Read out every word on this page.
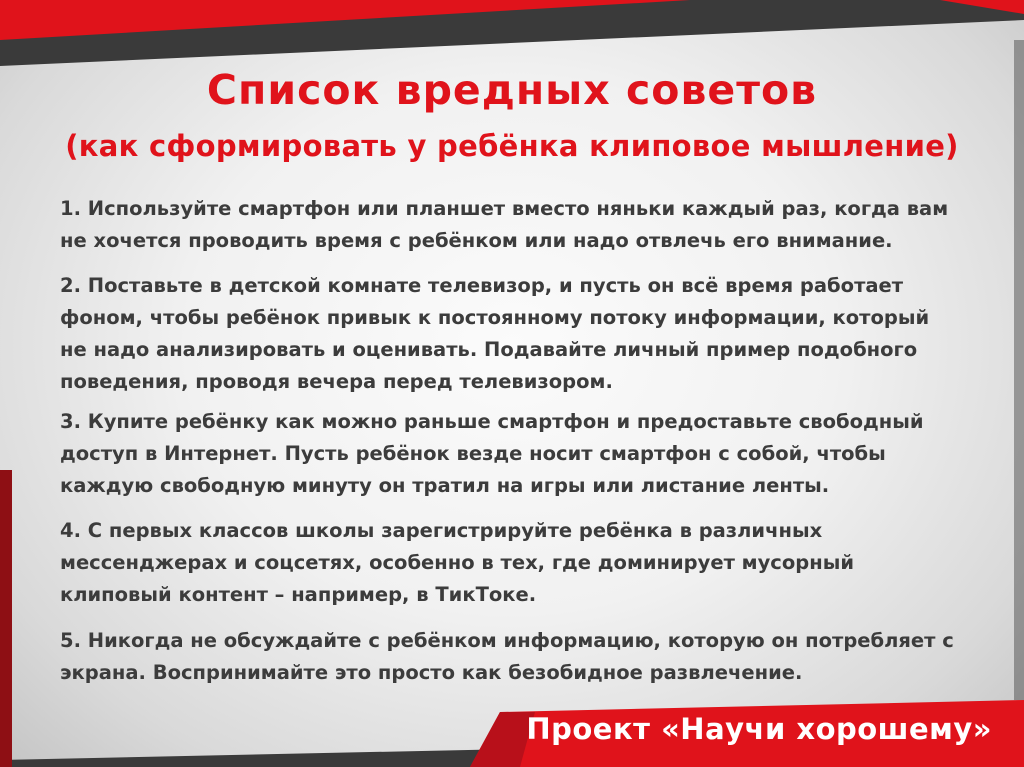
Список вредных советов
(как сформировать у ребёнка клиповое мышление)
1. Используйте смартфон или планшет вместо няньки каждый раз, когда вам не хочется проводить время с ребёнком или надо отвлечь его внимание.
2. Поставьте в детской комнате телевизор, и пусть он всё время работает фоном, чтобы ребёнок привык к постоянному потоку информации, который не надо анализировать и оценивать. Подавайте личный пример подобного поведения, проводя вечера перед телевизором.
3. Купите ребёнку как можно раньше смартфон и предоставьте свободный доступ в Интернет. Пусть ребёнок везде носит смартфон с собой, чтобы каждую свободную минуту он тратил на игры или листание ленты.
4. С первых классов школы зарегистрируйте ребёнка в различных мессенджерах и соцсетях, особенно в тех, где доминирует мусорный клиповый контент – например, в ТикТоке.
5. Никогда не обсуждайте с ребёнком информацию, которую он потребляет с экрана. Воспринимайте это просто как безобидное развлечение.
Проект «Научи хорошему»
